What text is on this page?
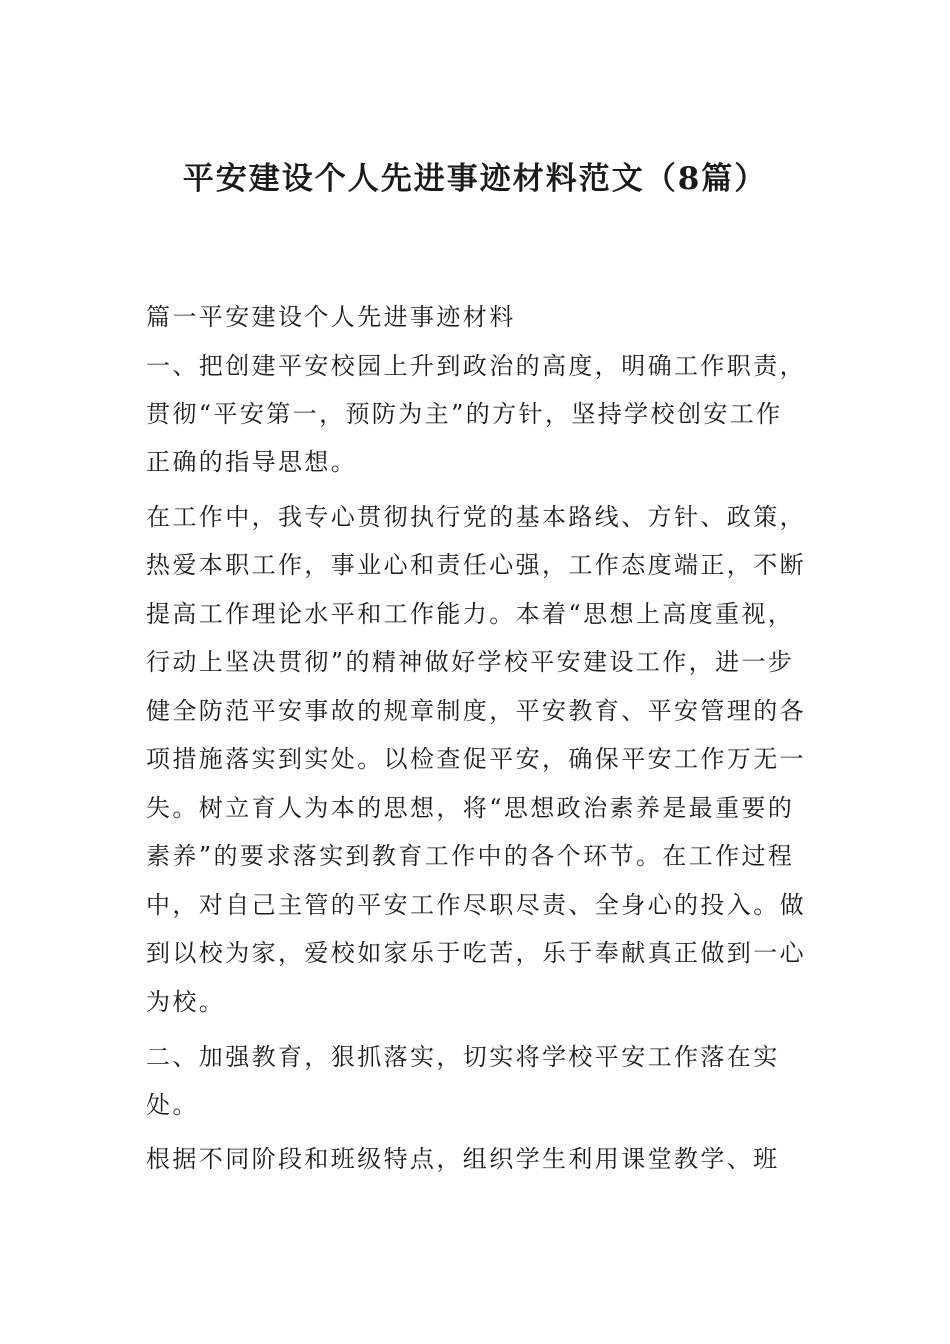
平安建设个人先进事迹材料范文（8篇）
篇一平安建设个人先进事迹材料
一、把创建平安校园上升到政治的高度，明确工作职责，
贯彻“平安第一，预防为主”的方针，坚持学校创安工作
正确的指导思想。
在工作中，我专心贯彻执行党的基本路线、方针、政策，
热爱本职工作，事业心和责任心强，工作态度端正，不断
提高工作理论水平和工作能力。本着“思想上高度重视，
行动上坚决贯彻”的精神做好学校平安建设工作，进一步
健全防范平安事故的规章制度，平安教育、平安管理的各
项措施落实到实处。以检查促平安，确保平安工作万无一
失。树立育人为本的思想，将“思想政治素养是最重要的
素养”的要求落实到教育工作中的各个环节。在工作过程
中，对自己主管的平安工作尽职尽责、全身心的投入。做
到以校为家，爱校如家乐于吃苦，乐于奉献真正做到一心
为校。
二、加强教育，狠抓落实，切实将学校平安工作落在实
处。
根据不同阶段和班级特点，组织学生利用课堂教学、班
